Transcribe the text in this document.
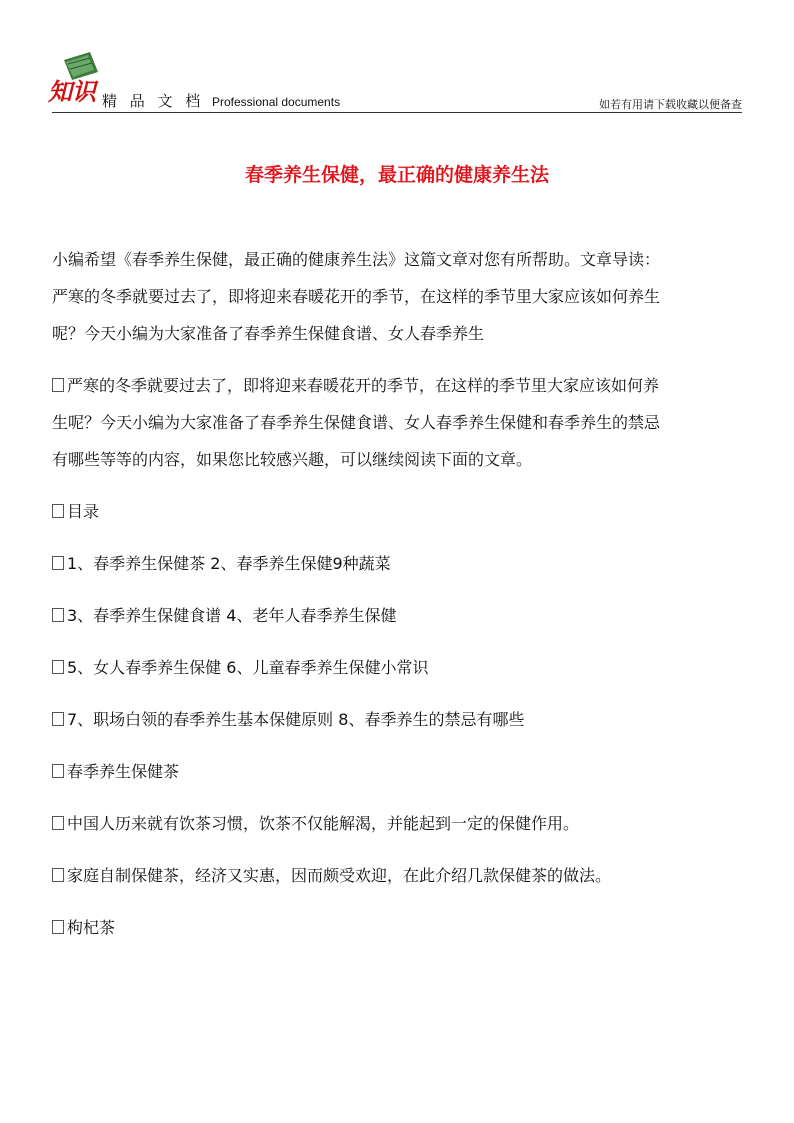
知识 精 品 文 档 Professional documents	如若有用请下载收藏以便备查
春季养生保健，最正确的健康养生法
小编希望《春季养生保健，最正确的健康养生法》这篇文章对您有所帮助。文章导读：
严寒的冬季就要过去了，即将迎来春暖花开的季节，在这样的季节里大家应该如何养生
呢？今天小编为大家准备了春季养生保健食谱、女人春季养生
严寒的冬季就要过去了，即将迎来春暖花开的季节，在这样的季节里大家应该如何养
生呢？今天小编为大家准备了春季养生保健食谱、女人春季养生保健和春季养生的禁忌
有哪些等等的内容，如果您比较感兴趣，可以继续阅读下面的文章。
目录
1、春季养生保健茶 2、春季养生保健9种蔬菜
3、春季养生保健食谱 4、老年人春季养生保健
5、女人春季养生保健 6、儿童春季养生保健小常识
7、职场白领的春季养生基本保健原则 8、春季养生的禁忌有哪些
春季养生保健茶
中国人历来就有饮茶习惯，饮茶不仅能解渴，并能起到一定的保健作用。
家庭自制保健茶，经济又实惠，因而颇受欢迎，在此介绍几款保健茶的做法。
枸杞茶
